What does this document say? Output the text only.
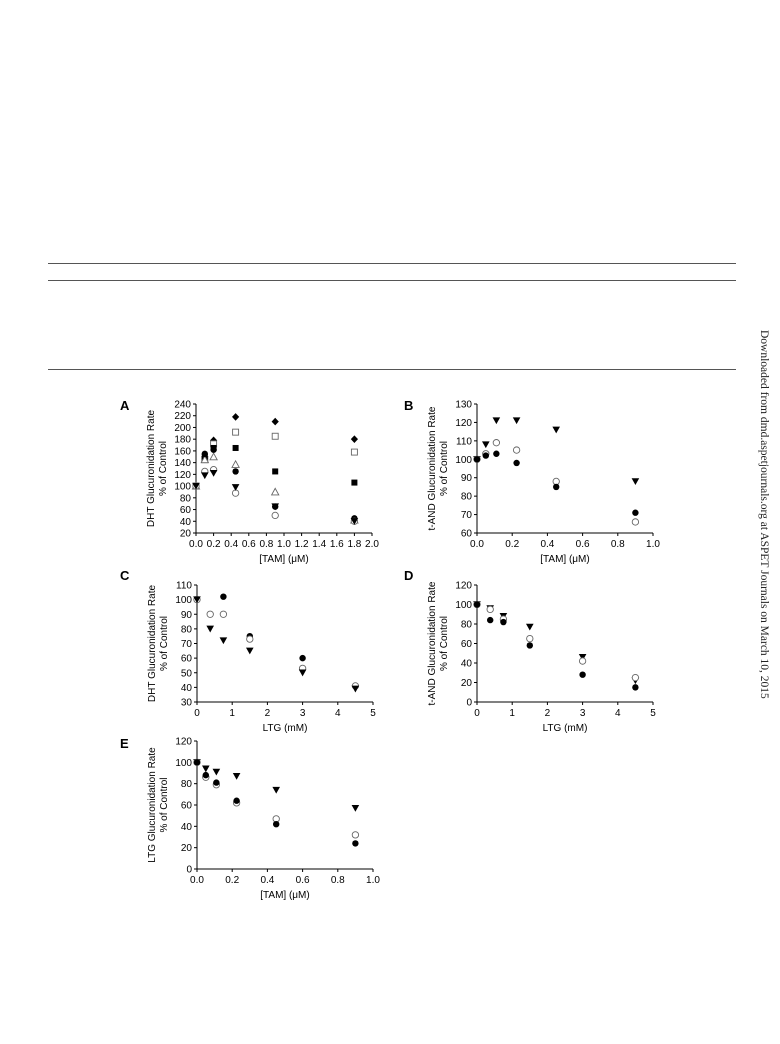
Downloaded from dmd.aspetjournals.org at ASPET Journals on March 10, 2015
A
0.0 0.2 0.4 0.6 0.8 1.0 1.2 1.4 1.6 1.8 2.0
20
40
60
80
100
120
140
160
180
200
220
240
[TAM] (μM)
DHT Glucuronidation Rate % of Control
B
0.0 0.2 0.4 0.6 0.8 1.0
60
70
80
90
100
110
120
130
[TAM] (μM)
t-AND Glucuronidation Rate % of Control
C
0	1	2	3	4	5
30
40
50
60
70
80
90
100
110
LTG (mM)
DHT Glucuronidation Rate % of Control
D
0	1	2	3	4	5
0
20
40
60
80
100
120
LTG (mM)
t-AND Glucuronidation Rate % of Control
E
0.0 0.2 0.4 0.6 0.8 1.0
0
20
40
60
80
100
120
[TAM] (μM)
LTG Glucuronidation Rate % of Control
